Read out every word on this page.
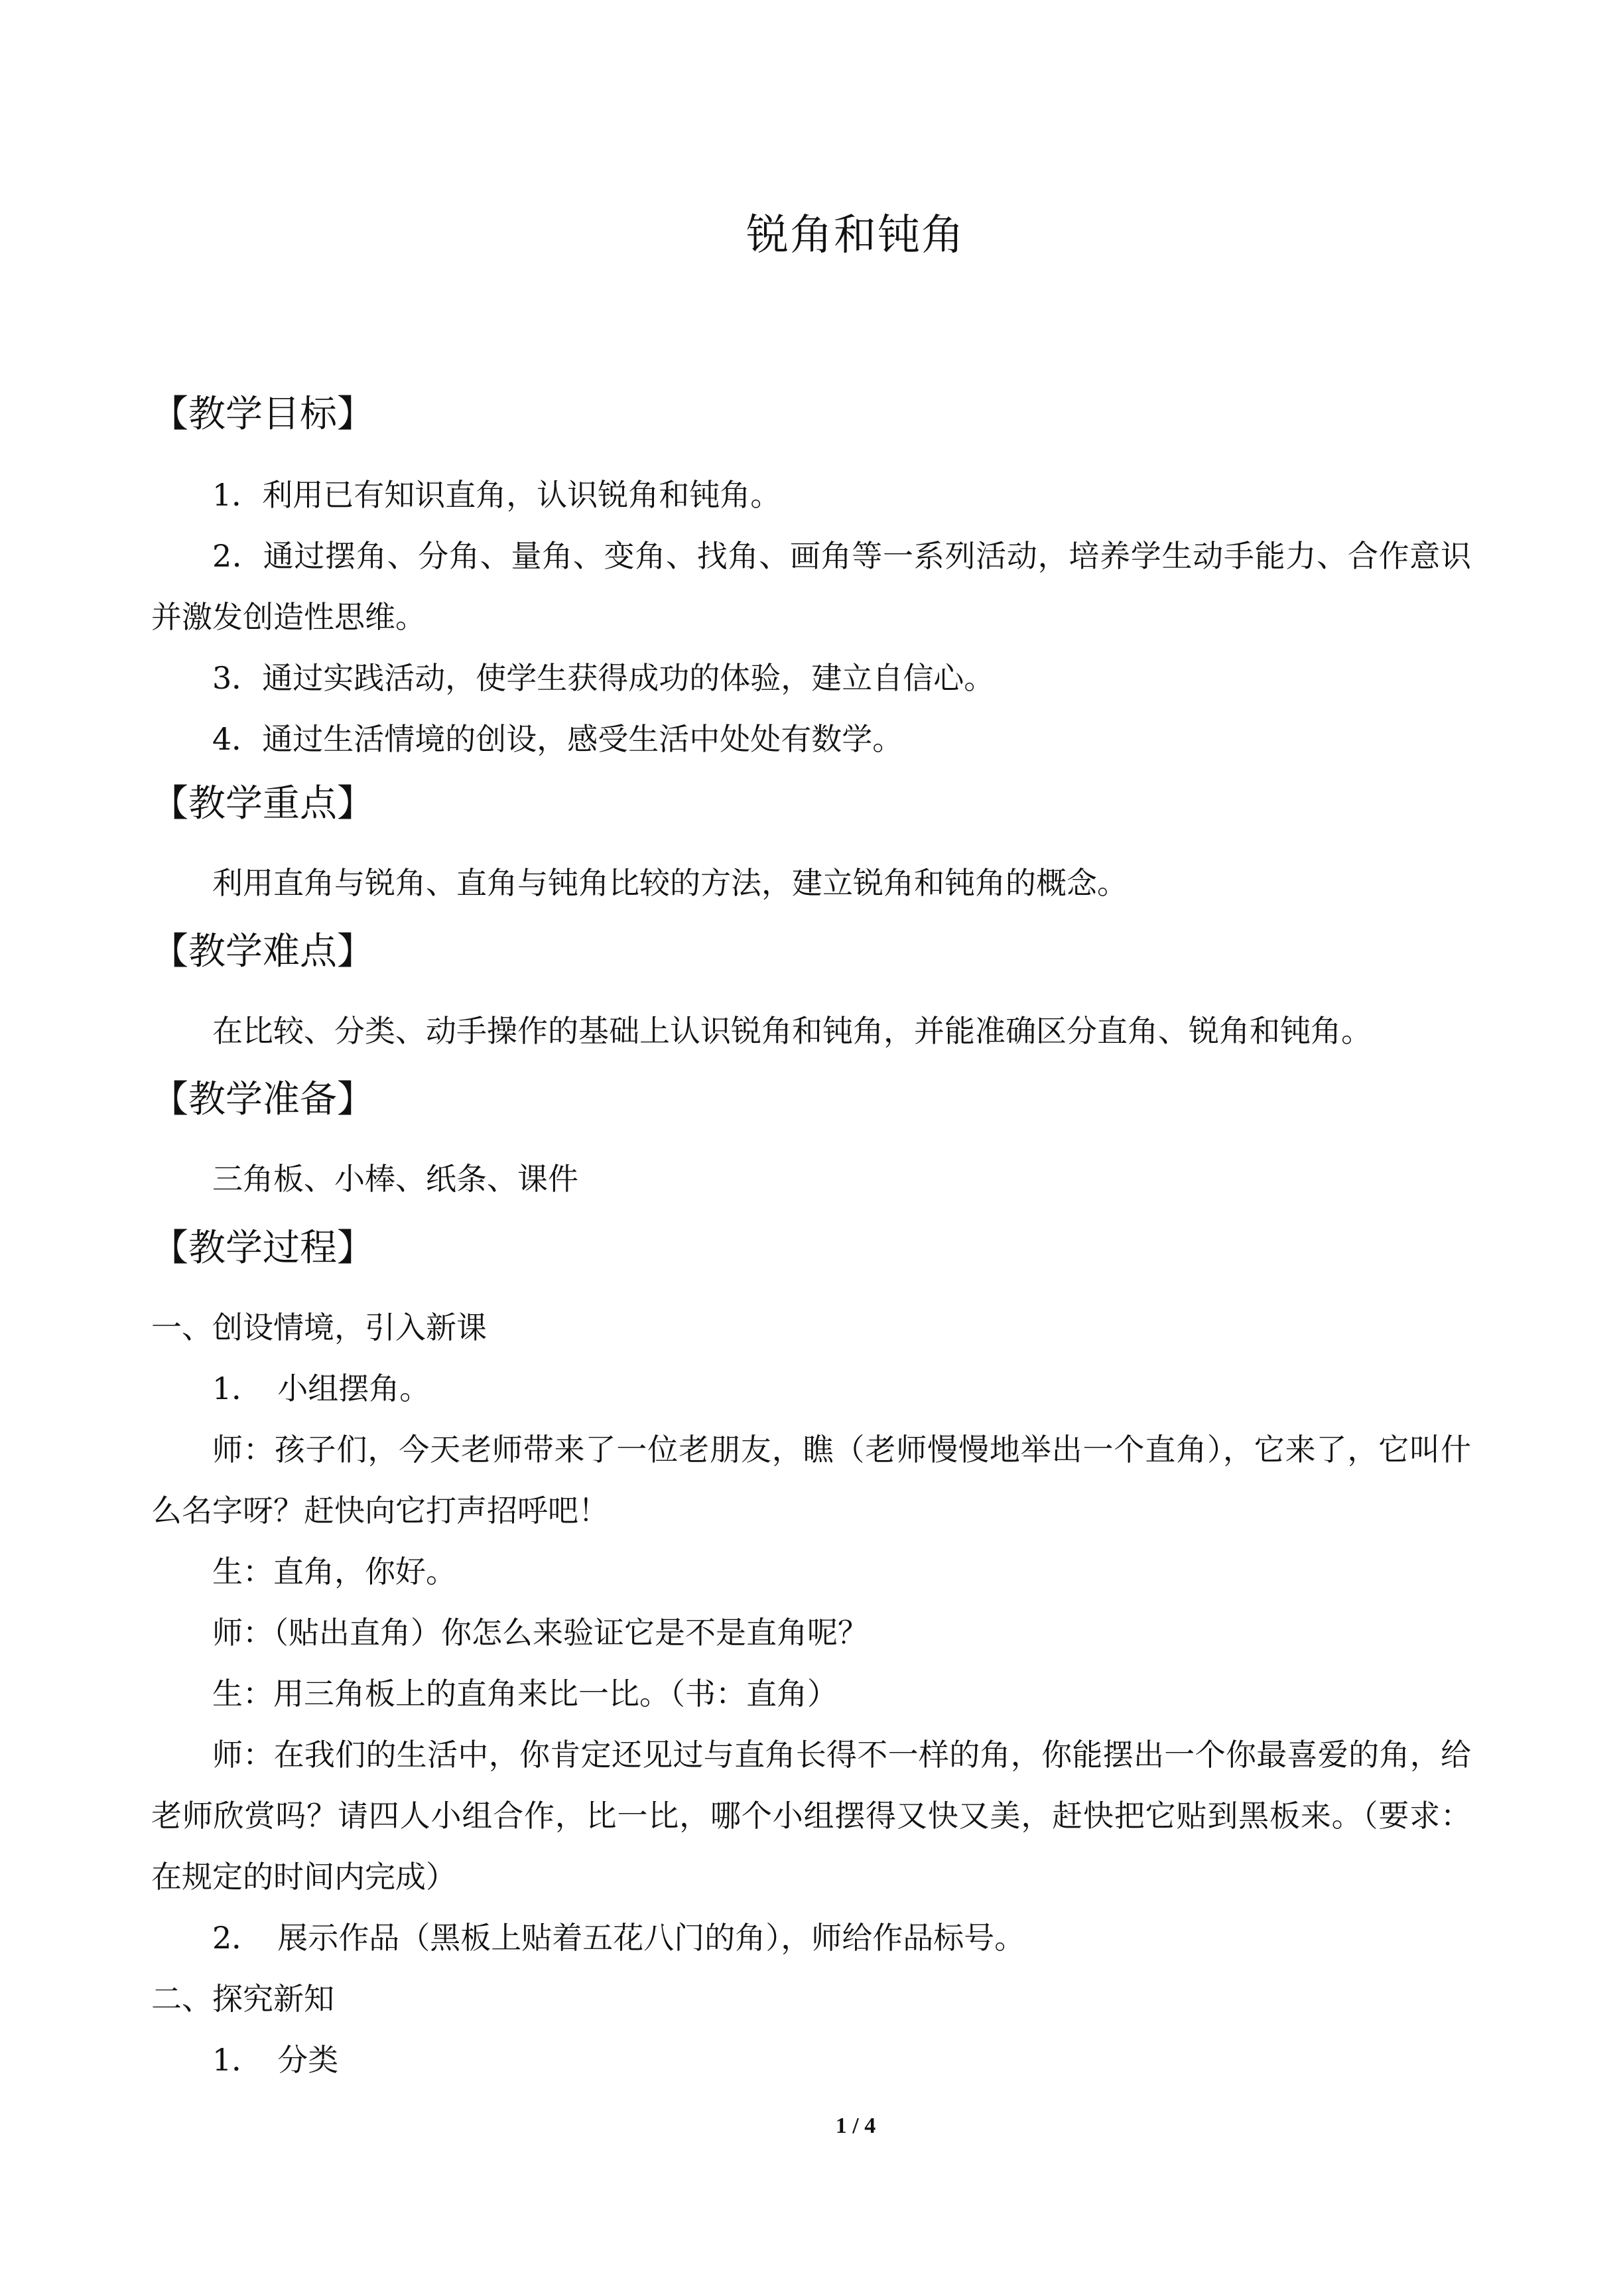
锐角和钝角
【教学目标】
1．利用已有知识直角，认识锐角和钝角。
2．通过摆角、分角、量角、变角、找角、画角等一系列活动，培养学生动手能力、合作意识并激发创造性思维。
3．通过实践活动，使学生获得成功的体验，建立自信心。
4．通过生活情境的创设，感受生活中处处有数学。
【教学重点】
利用直角与锐角、直角与钝角比较的方法，建立锐角和钝角的概念。
【教学难点】
在比较、分类、动手操作的基础上认识锐角和钝角，并能准确区分直角、锐角和钝角。
【教学准备】
三角板、小棒、纸条、课件
【教学过程】
一、创设情境，引入新课
1．　小组摆角。
师：孩子们，今天老师带来了一位老朋友，瞧（老师慢慢地举出一个直角），它来了，它叫什么名字呀？赶快向它打声招呼吧！
生：直角，你好。
师：（贴出直角）你怎么来验证它是不是直角呢？
生：用三角板上的直角来比一比。（书：直角）
师：在我们的生活中，你肯定还见过与直角长得不一样的角，你能摆出一个你最喜爱的角，给老师欣赏吗？请四人小组合作，比一比，哪个小组摆得又快又美，赶快把它贴到黑板来。（要求：在规定的时间内完成）
2．　展示作品（黑板上贴着五花八门的角），师给作品标号。
二、探究新知
1．　分类
1 / 4
